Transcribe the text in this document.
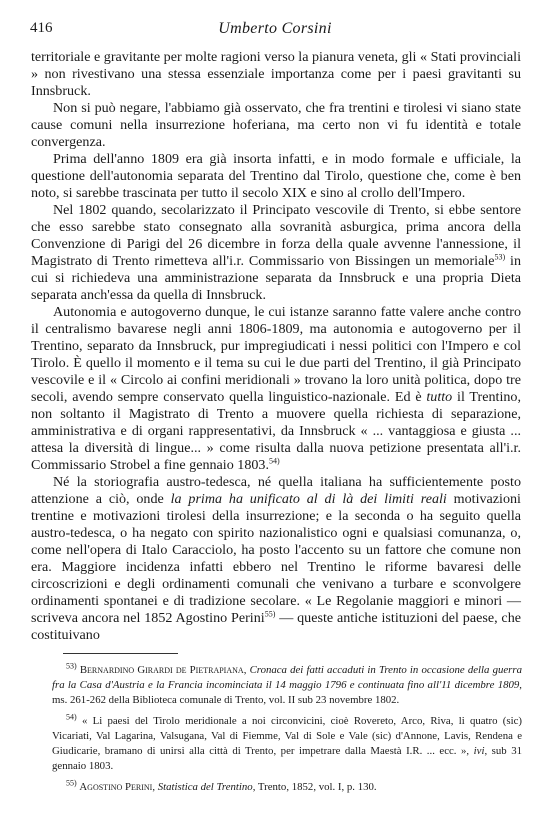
416	Umberto Corsini

territoriale e gravitante per molte ragioni verso la pianura veneta, gli « Stati provinciali » non rivestivano una stessa essenziale importanza come per i paesi gravitanti su Innsbruck.

Non si può negare, l'abbiamo già osservato, che fra trentini e tirolesi vi siano state cause comuni nella insurrezione hoferiana, ma certo non vi fu identità e totale convergenza.

Prima dell'anno 1809 era già insorta infatti, e in modo formale e ufficiale, la questione dell'autonomia separata del Trentino dal Tirolo, questione che, come è ben noto, si sarebbe trascinata per tutto il secolo XIX e sino al crollo dell'Impero.

Nel 1802 quando, secolarizzato il Principato vescovile di Trento, si ebbe sentore che esso sarebbe stato consegnato alla sovranità asburgica, prima ancora della Convenzione di Parigi del 26 dicembre in forza della quale avvenne l'annessione, il Magistrato di Trento rimetteva all'i.r. Commissario von Bissingen un memoriale$^{53)}$ in cui si richiedeva una amministrazione separata da Innsbruck e una propria Dieta separata anch'essa da quella di Innsbruck.

Autonomia e autogoverno dunque, le cui istanze saranno fatte valere anche contro il centralismo bavarese negli anni 1806-1809, ma autonomia e autogoverno per il Trentino, separato da Innsbruck, pur impregiudicati i nessi politici con l'Impero e col Tirolo. È quello il momento e il tema su cui le due parti del Trentino, il già Principato vescovile e il « Circolo ai confini meridionali » trovano la loro unità politica, dopo tre secoli, avendo sempre conservato quella linguistico-nazionale. Ed è tutto il Trentino, non soltanto il Magistrato di Trento a muovere quella richiesta di separazione, amministrativa e di organi rappresentativi, da Innsbruck « ... vantaggiosa e giusta ... attesa la diversità di lingue... » come risulta dalla nuova petizione presentata all'i.r. Commissario Strobel a fine gennaio 1803.$^{54)}$

Né la storiografia austro-tedesca, né quella italiana ha sufficientemente posto attenzione a ciò, onde la prima ha unificato al di là dei limiti reali motivazioni trentine e motivazioni tirolesi della insurrezione; e la seconda o ha seguito quella austro-tedesca, o ha negato con spirito nazionalistico ogni e qualsiasi comunanza, o, come nell'opera di Italo Caracciolo, ha posto l'accento su un fattore che comune non era. Maggiore incidenza infatti ebbero nel Trentino le riforme bavaresi delle circoscrizioni e degli ordinamenti comunali che venivano a turbare e sconvolgere ordinamenti spontanei e di tradizione secolare. « Le Regolanie maggiori e minori — scriveva ancora nel 1852 Agostino Perini$^{55)}$ — queste antiche istituzioni del paese, che costituivano

$^{53)}$ Bernardino Girardi de Pietrapiana, Cronaca dei fatti accaduti in Trento in occasione della guerra fra la Casa d'Austria e la Francia incominciata il 14 maggio 1796 e continuata fino all'11 dicembre 1809, ms. 261-262 della Biblioteca comunale di Trento, vol. II sub 23 novembre 1802.

$^{54)}$ « Li paesi del Tirolo meridionale a noi circonvicini, cioè Rovereto, Arco, Riva, li quatro (sic) Vicariati, Val Lagarina, Valsugana, Val di Fiemme, Val di Sole e Vale (sic) d'Annone, Lavis, Rendena e Giudicarie, bramano di unirsi alla città di Trento, per impetrare dalla Maestà I.R. ... ecc. », ivi, sub 31 gennaio 1803.

$^{55)}$ Agostino Perini, Statistica del Trentino, Trento, 1852, vol. I, p. 130.
